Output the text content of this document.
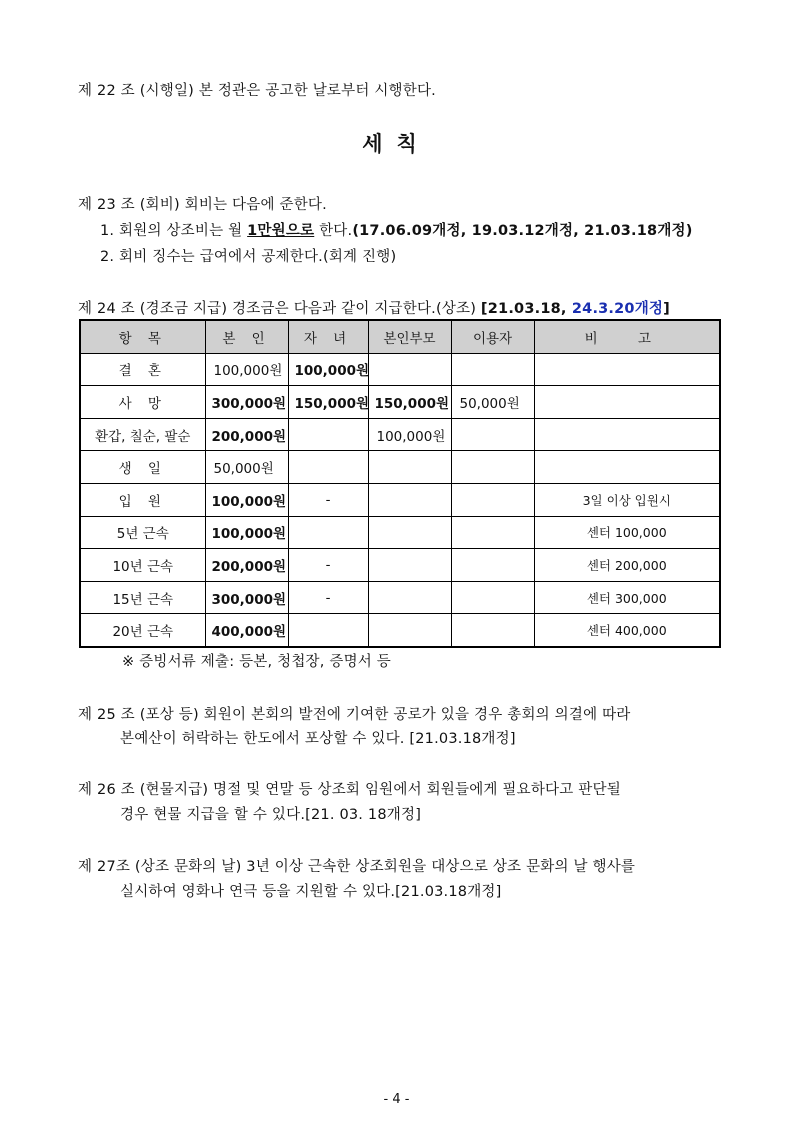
제 22 조 (시행일) 본 정관은 공고한 날로부터 시행한다.
세칙
제 23 조 (회비) 회비는 다음에 준한다.
1. 회원의 상조비는 월 1만원으로 한다.(17.06.09개정, 19.03.12개정, 21.03.18개정)
2. 회비 징수는 급여에서 공제한다.(회계 진행)
제 24 조 (경조금 지급) 경조금은 다음과 같이 지급한다.(상조) [21.03.18, 24.3.20개정]
항 목	본 인	자 녀	본인부모	이용자	비 고
결 혼	100,000원	100,000원			
사 망	300,000원	150,000원	150,000원	50,000원	
환갑, 칠순, 팔순	200,000원		100,000원		
생 일	50,000원				
입 원	100,000원	-			3일 이상 입원시
5년 근속	100,000원				센터 100,000
10년 근속	200,000원	-			센터 200,000
15년 근속	300,000원	-			센터 300,000
20년 근속	400,000원				센터 400,000
※ 증빙서류 제출: 등본, 청첩장, 증명서 등
제 25 조 (포상 등) 회원이 본회의 발전에 기여한 공로가 있을 경우 총회의 의결에 따라
본예산이 허락하는 한도에서 포상할 수 있다. [21.03.18개정]
제 26 조 (현물지급) 명절 및 연말 등 상조회 임원에서 회원들에게 필요하다고 판단될
경우 현물 지급을 할 수 있다.[21. 03. 18개정]
제 27조 (상조 문화의 날) 3년 이상 근속한 상조회원을 대상으로 상조 문화의 날 행사를
실시하여 영화나 연극 등을 지원할 수 있다.[21.03.18개정]
- 4 -
